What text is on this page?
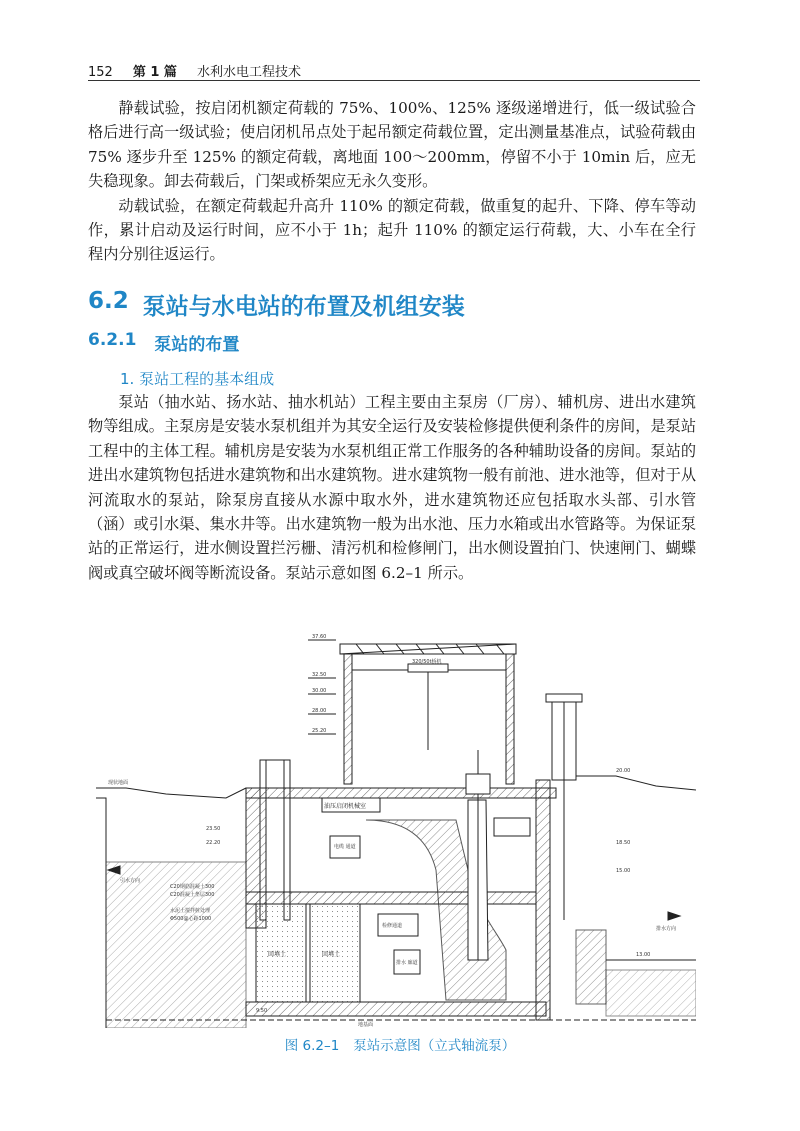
152 第 1 篇 水利水电工程技术

静载试验，按启闭机额定荷载的 75%、100%、125% 逐级递增进行，低一级试验合格后进行高一级试验；使启闭机吊点处于起吊额定荷载位置，定出测量基准点，试验荷载由 75% 逐步升至 125% 的额定荷载，离地面 100～200mm，停留不小于 10min 后，应无失稳现象。卸去荷载后，门架或桥架应无永久变形。

动载试验，在额定荷载起升高升 110% 的额定荷载，做重复的起升、下降、停车等动作，累计启动及运行时间，应不小于 1h；起升 110% 的额定运行荷载，大、小车在全行程内分别往返运行。

6.2 泵站与水电站的布置及机组安装
6.2.1 泵站的布置
1. 泵站工程的基本组成

泵站（抽水站、扬水站、抽水机站）工程主要由主泵房（厂房）、辅机房、进出水建筑物等组成。主泵房是安装水泵机组并为其安全运行及安装检修提供便利条件的房间，是泵站工程中的主体工程。辅机房是安装为水泵机组正常工作服务的各种辅助设备的房间。泵站的进出水建筑物包括进水建筑物和出水建筑物。进水建筑物一般有前池、进水池等，但对于从河流取水的泵站，除泵房直接从水源中取水外，进水建筑物还应包括取水头部、引水管（涵）或引水渠、集水井等。出水建筑物一般为出水池、压力水箱或出水管路等。为保证泵站的正常运行，进水侧设置拦污栅、清污机和检修闸门，出水侧设置拍门、快速闸门、蝴蝶阀或真空破坏阀等断流设备。泵站示意如图 6.2–1 所示。

320/50t桥机
油压启闭机械室
电缆 通道
检修通道
排水 廊道
回填土	回填土
C20钢筋混凝土300
C20混凝土垫层300
水泥土搅拌桩处理
Φ500@心距1000
引水方向
排水方向
现状地面
地基面
37.60
32.50
30.00
28.00
25.20
23.50
22.20
20.00
18.50
15.00
13.00
9.50
图 6.2–1 泵站示意图（立式轴流泵）
